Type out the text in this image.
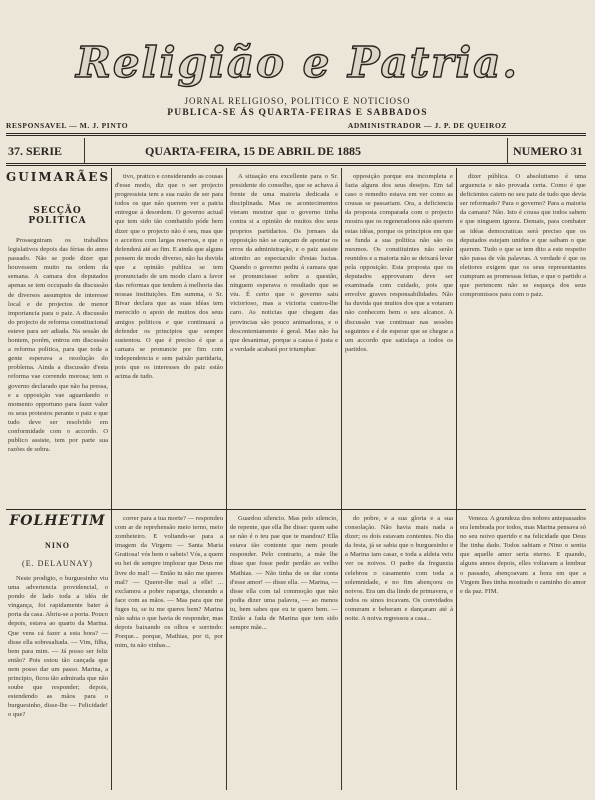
Religião e Patria.
JORNAL RELIGIOSO, POLITICO E NOTICIOSO
PUBLICA-SE ÁS QUARTA-FEIRAS E SABBADOS
RESPONSAVEL — M. J. PINTO	ADMINISTRADOR — J. P. DE QUEIROZ
37. SERIE	QUARTA-FEIRA, 15 DE ABRIL DE 1885	NUMERO 31
GUIMARÃES
SECÇÃO POLITICA

Prosseguiram os trabalhos legislativos depois das férias do anno passado. Não se pode dizer que houvessem muito na ordem da semana. A camara dos deputados apenas se tem occupado da discussão de diversos assumptos de interesse local e de projectos de menor importancia para o paiz. A discussão do projecto de reforma constitucional esteve para ser adiada. Na sessão de hontem, porém, entrou em discussão a reforma politica, para que toda a gente esperava a resolução do problema. Ainda a discussão d'esta reforma vae correndo morosa; tem o governo declarado que não ha pressa, e a opposição vae aguardando o momento opportuno para fazer valer os seus protestos perante o paiz e que tudo deve ser resolvido em conformidade com o accordo. O publico assiste, tem por parte sua razões de sobra.

tivo, pratico e considerando as cousas d'esse modo, diz que o ser projecto progressista tem a sua razão de ser para todos os que não querem ver a patria entregue á desordem. O governo actual que tem sido tão combatido póde bem dizer que o projecto não é seu, mas que o acceitou com largas reservas, e que o defenderá até ao fim. E ainda que alguns pensem de modo diverso, não ha duvida que a opinião publica se tem pronunciado de um modo claro a favor das reformas que tendem á melhoria das nossas instituições. Em summa, o Sr. Bivar declara que as suas idéas tem merecido o apoio de muitos dos seus amigos politicos e que continuará a defender os principios que sempre sustentou. O que é preciso é que a camara se pronuncie por fim com independencia e sem paixão partidaria, pois que os interesses do paiz estão acima de tudo.

A situação era excellente para o Sr. presidente do conselho, que se achava á frente de uma maioria dedicada e disciplinada. Mas os acontecimentos vieram mostrar que o governo tinha contra si a opinião de muitos dos seus proprios partidarios. Os jornaes da opposição não se cançam de apontar os erros da administração, e o paiz assiste attonito ao espectaculo d'estas luctas. Quando o governo pediu á camara que se pronunciasse sobre a questão, ninguem esperava o resultado que se viu. É certo que o governo saiu victorioso, mas a victoria custou-lhe caro. As noticias que chegam das provincias são pouco animadoras, e o descontentamento é geral. Mas não ha que desanimar, porque a causa é justa e a verdade acabará por triumphar.

opposição porque era incompleta e fazia alguns dos seus desejos. Em tal caso o remedio estava em ver como as cousas se passariam. Ora, a deficiencia da proposta comparada com o projecto mostra que os regeneradores não querem estas idéas, porque os principios em que se funda a sua politica não são os mesmos. Os constituintes não serão reunidos e a maioria não se deixará levar pela opposição. Esta proposta que os deputados approvaram deve ser examinada com cuidado, pois que envolve graves responsabilidades. Não ha duvida que muitos dos que a votaram não conhecem bem o seu alcance. A discussão vae continuar nas sessões seguintes e é de esperar que se chegue a um accordo que satisfaça a todos os partidos.

dizer pública. O absolutismo é uma arguencia e não provada certa. Como é que deficientes caiem no seu paiz de tudo que devia ser reformado? Para o governo? Para a maioria da camara? Não. Isto é cousa que todos sabem e que ninguem ignora. Demais, para combater as idéas democraticas será preciso que os deputados estejam unidos e que saibam o que querem. Tudo o que se tem dito a este respeito não passa de vãs palavras. A verdade é que os eleitores exigem que os seus representantes cumpram as promessas feitas, e que o partido a que pertencem não se esqueça dos seus compromissos para com o paiz.

FOLHETIM
NINO
(E. DELAUNAY)

Neste prodigio, o burguesinho viu uma advertencia providencial, o pondo de lado toda a idéa de vingança, foi rapidamente bater á porta da casa. Abriu-se a porta. Pouco depois, estava ao quarto da Marina. Que vens cá fazer a esta hora? — disse ella sobresaltada. — Vim, filha, bem para mim. — Já posso ser feliz então? Pois estou tão cançada que nem posso dar um passo. Marina, a principio, ficou tão admirada que não soube que responder; depois, estendendo as mãos para o burguesinho, disse-lhe — Felicidade! o que?

correr para a tua morte? — respondeu com ar de reprehensão meio terno, meio zombeteiro. E voltando-se para a imagem da Virgem: — Santa Maria Gratiosa! vós bem o sabeis! Vós, a quem eu hei de sempre implorar que Deus me livre do mal! — Então tu não me queres mal? — Querer-lhe mal a elle! ... exclamou a pobre rapariga, chorando a face com as mãos. — Mas para que me fuges tu, se tu me queres bem? Marina não sabia o que havia de responder, mas depois baixando os olhos e sorrindo: Porque... porque, Mathias, por ti, por mim, tu não vinhas...

Guardou silencio. Mas pelo silencio, de repente, que ella lhe disse: quem sabe se não é o teu pae que te mandou? Ella estava tão contente que nem poude responder. Pelo contrario, a mãe lhe disse que fosse pedir perdão ao velho Mathias. — Não tinha de se dar conta d'esse amor! — disse ella. — Marina, — disse ella com tal commoção que não podia dizer uma palavra, — ao menos tu, bem sabes que eu te quero bem. — Então a fada de Marina que tem sido sempre mãe...

do pobre, e a sua gloria e a sua consolação. Não havia mais nada a dizer; os dois estavam contentes. No dia da festa, já se sabia que o burguesinho e a Marina iam casar, e toda a aldeia veiu ver os noivos. O padre da freguezia celebrou o casamento com toda a solemnidade, e no fim abençoou os noivos. Era um dia lindo de primavera, e todos os sinos tocavam. Os convidados comeram e beberam e dançaram até á noite. A noiva regressou a casa...

Veneza. A grandeza dos nobres antepassados era lembrada por todos, mas Marina pensava só no seu noivo querido e na felicidade que Deus lhe tinha dado. Todos sabiam e Nino o sentia que aquelle amor seria eterno. E quando, alguns annos depois, elles voltavam a lembrar o passado, abençoavam a hora em que a Virgem lhes tinha mostrado o caminho do amor e da paz. FIM.
